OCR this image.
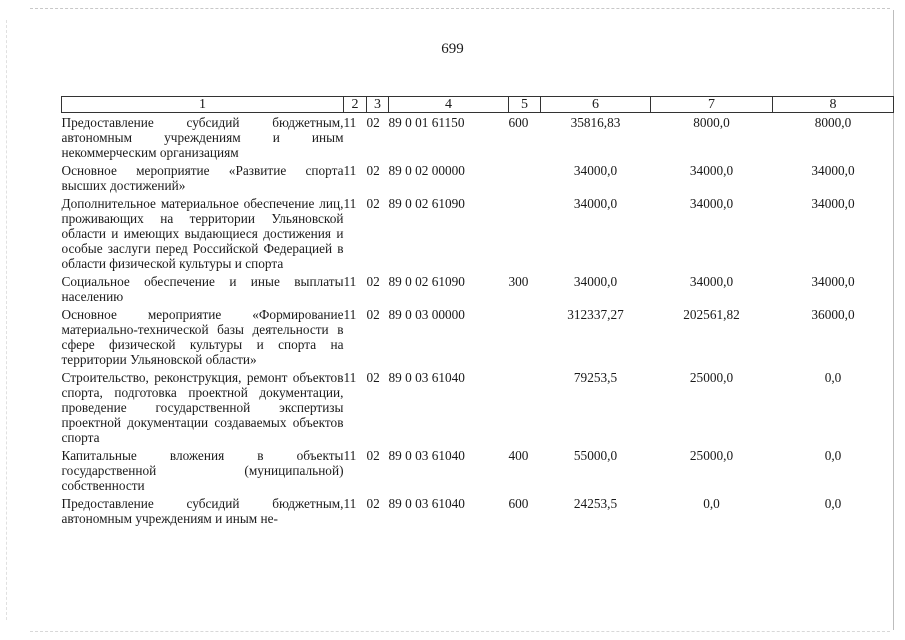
699
1	2	3	4	5	6	7	8
Предоставление субсидий бюджетным, автономным учреждениям и иным некоммерческим организациям	11	02	89 0 01 61150	600	35816,83	8000,0	8000,0
Основное мероприятие «Развитие спорта высших достижений»	11	02	89 0 02 00000		34000,0	34000,0	34000,0
Дополнительное материальное обеспечение лиц, проживающих на территории Ульяновской области и имеющих выдающиеся достижения и особые заслуги перед Российской Федерацией в области физической культуры и спорта	11	02	89 0 02 61090		34000,0	34000,0	34000,0
Социальное обеспечение и иные выплаты населению	11	02	89 0 02 61090	300	34000,0	34000,0	34000,0
Основное мероприятие «Формирование материально-технической базы деятельности в сфере физической культуры и спорта на территории Ульяновской области»	11	02	89 0 03 00000		312337,27	202561,82	36000,0
Строительство, реконструкция, ремонт объектов спорта, подготовка проектной документации, проведение государственной экспертизы проектной документации создаваемых объектов спорта	11	02	89 0 03 61040		79253,5	25000,0	0,0
Капитальные вложения в объекты государственной (муниципальной) собственности	11	02	89 0 03 61040	400	55000,0	25000,0	0,0
Предоставление субсидий бюджетным, автономным учреждениям и иным не-	11	02	89 0 03 61040	600	24253,5	0,0	0,0
